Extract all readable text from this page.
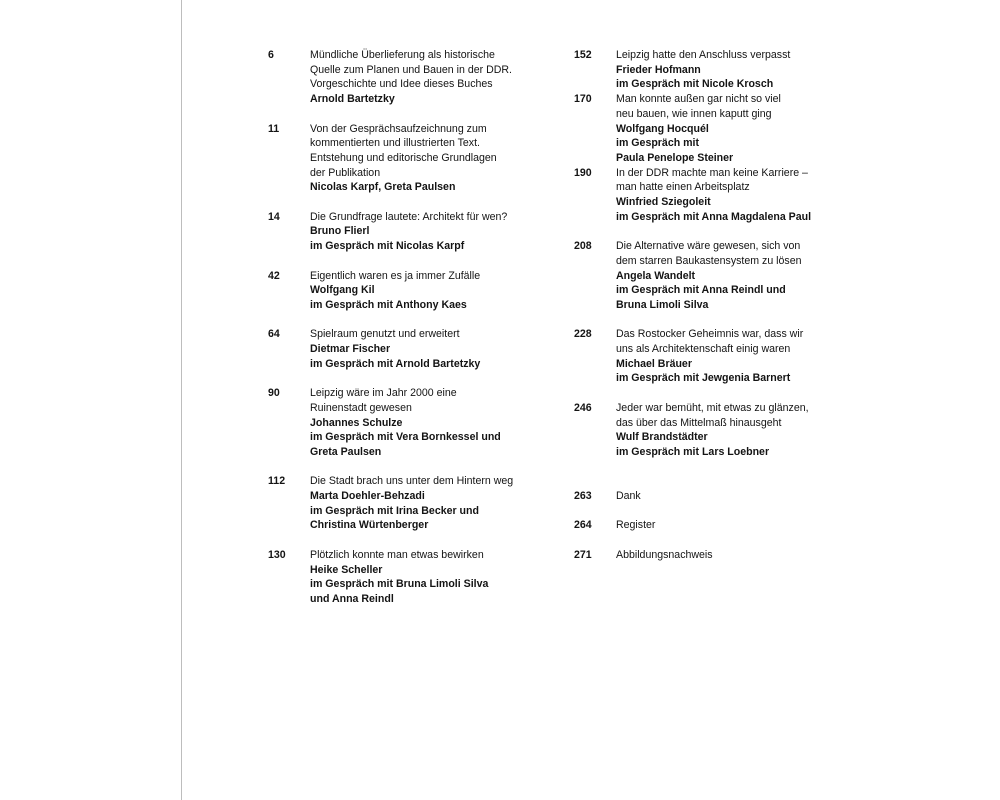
6	Mündliche Überlieferung als historische
Quelle zum Planen und Bauen in der DDR.
Vorgeschichte und Idee dieses Buches
Arnold Bartetzky
11	Von der Gesprächsaufzeichnung zum
kommentierten und illustrierten Text.
Entstehung und editorische Grundlagen
der Publikation
Nicolas Karpf, Greta Paulsen
14	Die Grundfrage lautete: Architekt für wen?
Bruno Flierl
im Gespräch mit Nicolas Karpf
42	Eigentlich waren es ja immer Zufälle
Wolfgang Kil
im Gespräch mit Anthony Kaes
64	Spielraum genutzt und erweitert
Dietmar Fischer
im Gespräch mit Arnold Bartetzky
90	Leipzig wäre im Jahr 2000 eine
Ruinenstadt gewesen
Johannes Schulze
im Gespräch mit Vera Bornkessel und
Greta Paulsen
112	Die Stadt brach uns unter dem Hintern weg
Marta Doehler-Behzadi
im Gespräch mit Irina Becker und
Christina Würtenberger
130	Plötzlich konnte man etwas bewirken
Heike Scheller
im Gespräch mit Bruna Limoli Silva
und Anna Reindl
152	Leipzig hatte den Anschluss verpasst
Frieder Hofmann
im Gespräch mit Nicole Krosch
170	Man konnte außen gar nicht so viel
neu bauen, wie innen kaputt ging
Wolfgang Hocquél
im Gespräch mit
Paula Penelope Steiner
190	In der DDR machte man keine Karriere –
man hatte einen Arbeitsplatz
Winfried Sziegoleit
im Gespräch mit Anna Magdalena Paul
208	Die Alternative wäre gewesen, sich von
dem starren Baukastensystem zu lösen
Angela Wandelt
im Gespräch mit Anna Reindl und
Bruna Limoli Silva
228	Das Rostocker Geheimnis war, dass wir
uns als Architektenschaft einig waren
Michael Bräuer
im Gespräch mit Jewgenia Barnert
246	Jeder war bemüht, mit etwas zu glänzen,
das über das Mittelmaß hinausgeht
Wulf Brandstädter
im Gespräch mit Lars Loebner
263	Dank
264	Register
271	Abbildungsnachweis
